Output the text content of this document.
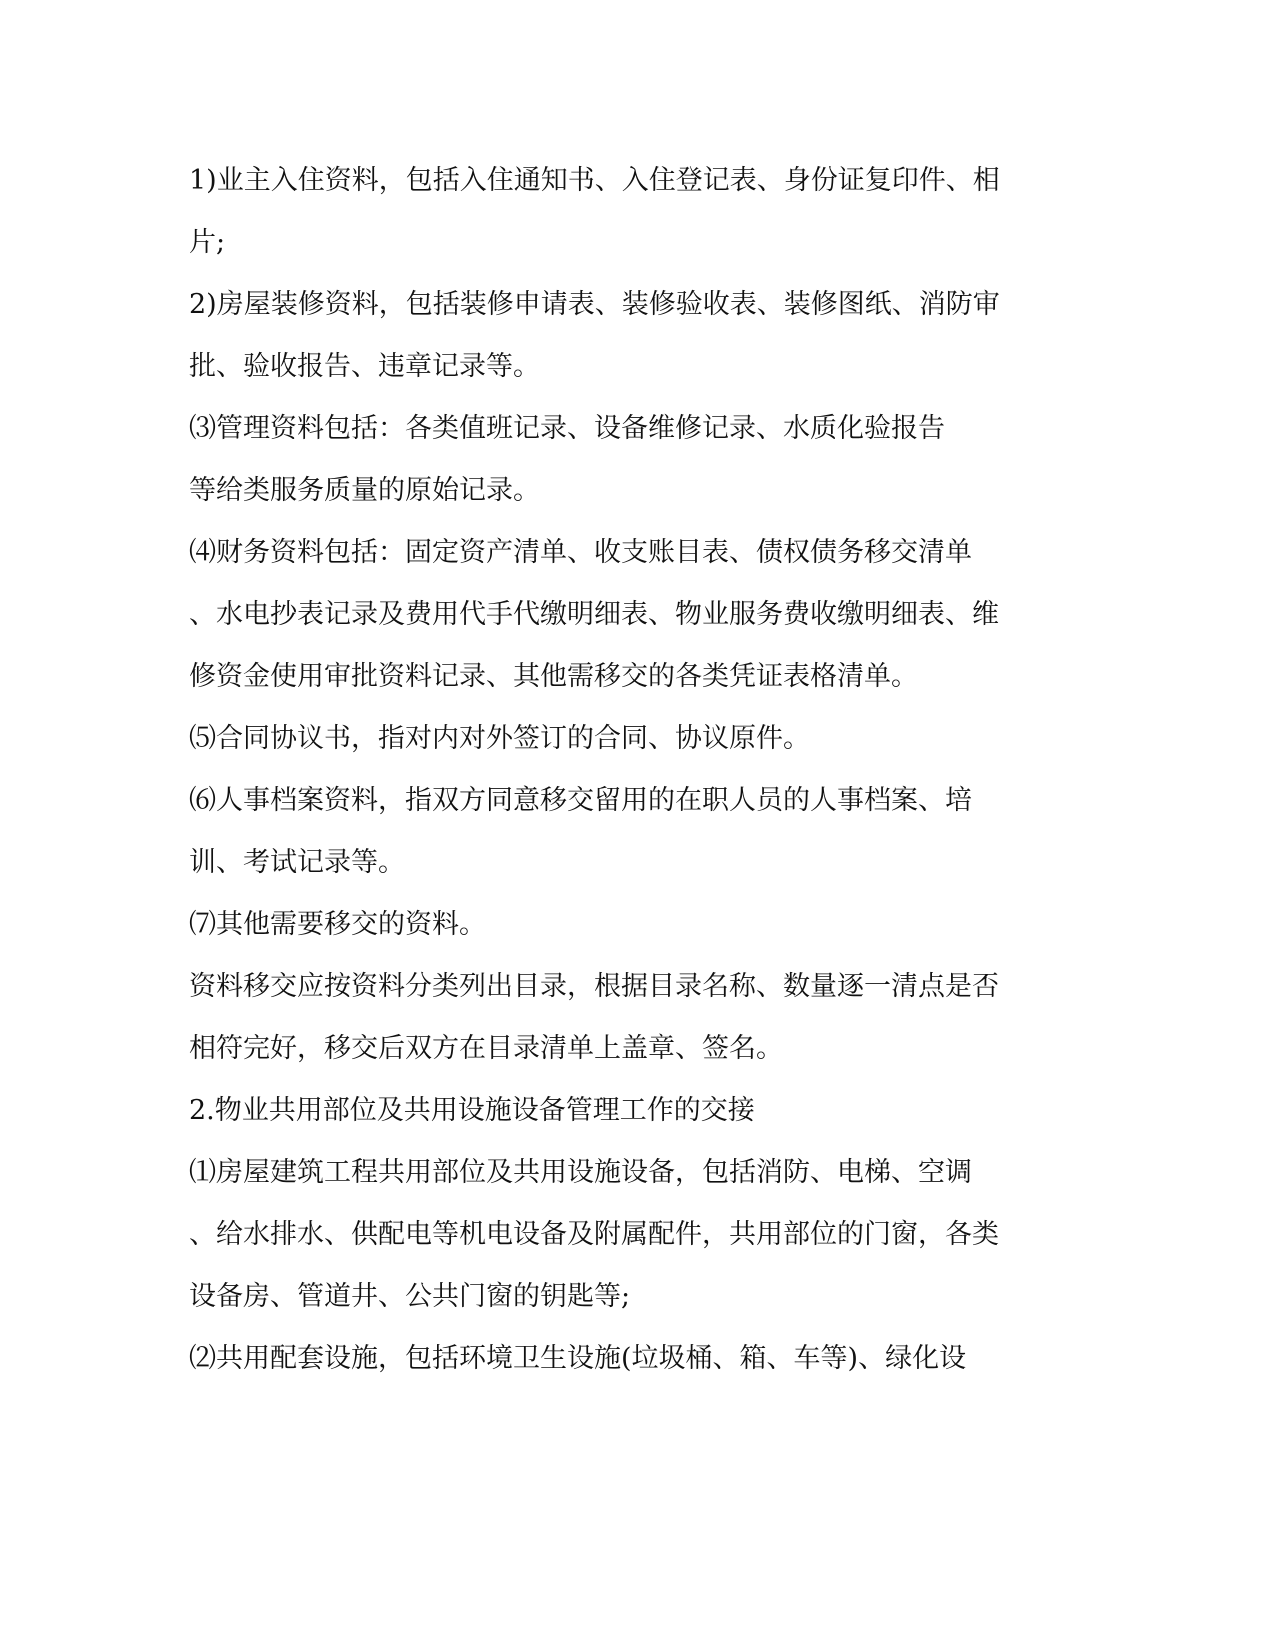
1)业主入住资料，包括入住通知书、入住登记表、身份证复印件、相
片;
2)房屋装修资料，包括装修申请表、装修验收表、装修图纸、消防审
批、验收报告、违章记录等。
⑶管理资料包括：各类值班记录、设备维修记录、水质化验报告
等给类服务质量的原始记录。
⑷财务资料包括：固定资产清单、收支账目表、债权债务移交清单
、水电抄表记录及费用代手代缴明细表、物业服务费收缴明细表、维
修资金使用审批资料记录、其他需移交的各类凭证表格清单。
⑸合同协议书，指对内对外签订的合同、协议原件。
⑹人事档案资料，指双方同意移交留用的在职人员的人事档案、培
训、考试记录等。
⑺其他需要移交的资料。
资料移交应按资料分类列出目录，根据目录名称、数量逐一清点是否
相符完好，移交后双方在目录清单上盖章、签名。
2.物业共用部位及共用设施设备管理工作的交接
⑴房屋建筑工程共用部位及共用设施设备，包括消防、电梯、空调
、给水排水、供配电等机电设备及附属配件，共用部位的门窗，各类
设备房、管道井、公共门窗的钥匙等;
⑵共用配套设施，包括环境卫生设施(垃圾桶、箱、车等)、绿化设
